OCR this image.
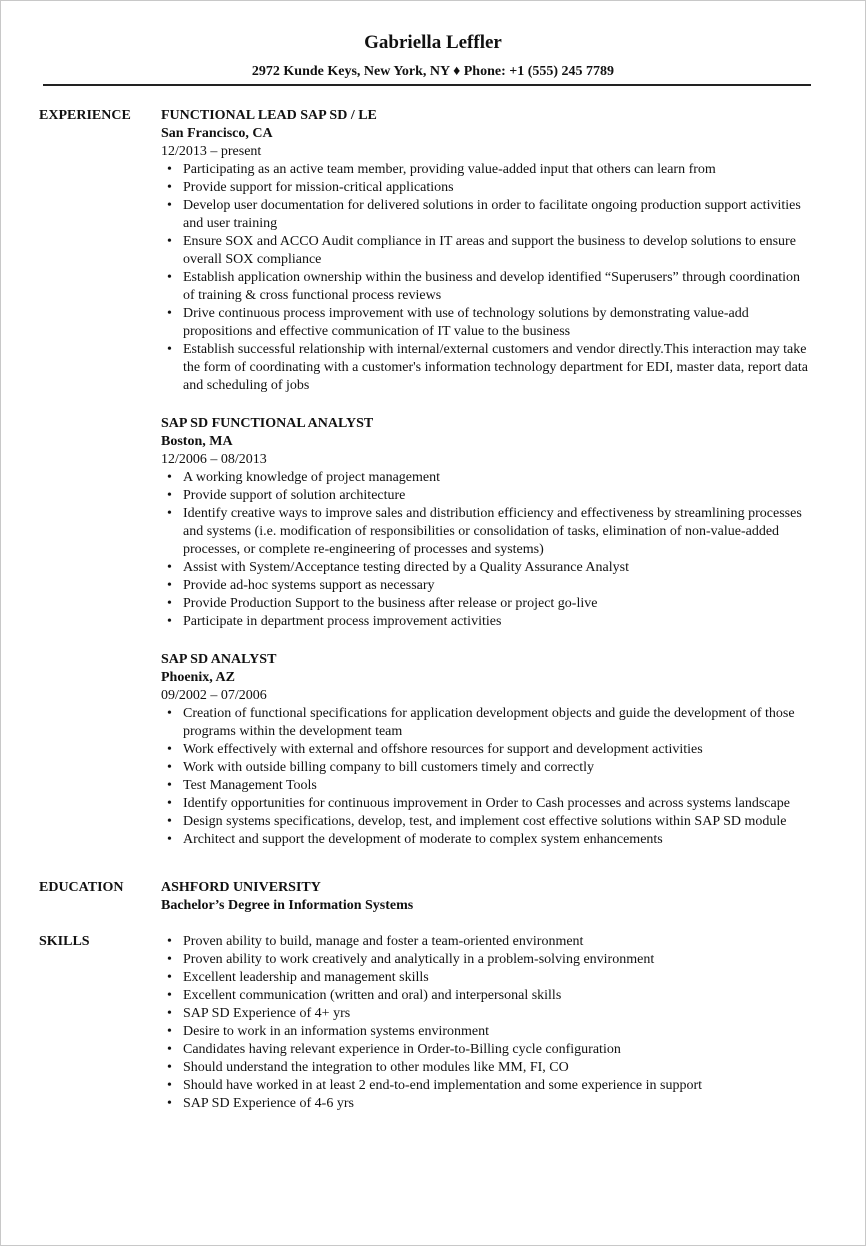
Gabriella Leffler
2972 Kunde Keys, New York, NY ♦ Phone: +1 (555) 245 7789
EXPERIENCE	FUNCTIONAL LEAD SAP SD / LE
San Francisco, CA
12/2013 – present
• Participating as an active team member, providing value-added input that others can learn from
• Provide support for mission-critical applications
• Develop user documentation for delivered solutions in order to facilitate ongoing production support activities and user training
• Ensure SOX and ACCO Audit compliance in IT areas and support the business to develop solutions to ensure overall SOX compliance
• Establish application ownership within the business and develop identified “Superusers” through coordination of training & cross functional process reviews
• Drive continuous process improvement with use of technology solutions by demonstrating value-add propositions and effective communication of IT value to the business
• Establish successful relationship with internal/external customers and vendor directly.This interaction may take the form of coordinating with a customer's information technology department for EDI, master data, report data and scheduling of jobs
SAP SD FUNCTIONAL ANALYST
Boston, MA
12/2006 – 08/2013
• A working knowledge of project management
• Provide support of solution architecture
• Identify creative ways to improve sales and distribution efficiency and effectiveness by streamlining processes and systems (i.e. modification of responsibilities or consolidation of tasks, elimination of non-value-added processes, or complete re-engineering of processes and systems)
• Assist with System/Acceptance testing directed by a Quality Assurance Analyst
• Provide ad-hoc systems support as necessary
• Provide Production Support to the business after release or project go-live
• Participate in department process improvement activities
SAP SD ANALYST
Phoenix, AZ
09/2002 – 07/2006
• Creation of functional specifications for application development objects and guide the development of those programs within the development team
• Work effectively with external and offshore resources for support and development activities
• Work with outside billing company to bill customers timely and correctly
• Test Management Tools
• Identify opportunities for continuous improvement in Order to Cash processes and across systems landscape
• Design systems specifications, develop, test, and implement cost effective solutions within SAP SD module
• Architect and support the development of moderate to complex system enhancements
EDUCATION	ASHFORD UNIVERSITY
Bachelor’s Degree in Information Systems
SKILLS
•	Proven ability to build, manage and foster a team-oriented environment
• Proven ability to work creatively and analytically in a problem-solving environment
• Excellent leadership and management skills
• Excellent communication (written and oral) and interpersonal skills
• SAP SD Experience of 4+ yrs
• Desire to work in an information systems environment
• Candidates having relevant experience in Order-to-Billing cycle configuration
• Should understand the integration to other modules like MM, FI, CO
• Should have worked in at least 2 end-to-end implementation and some experience in support
• SAP SD Experience of 4-6 yrs
